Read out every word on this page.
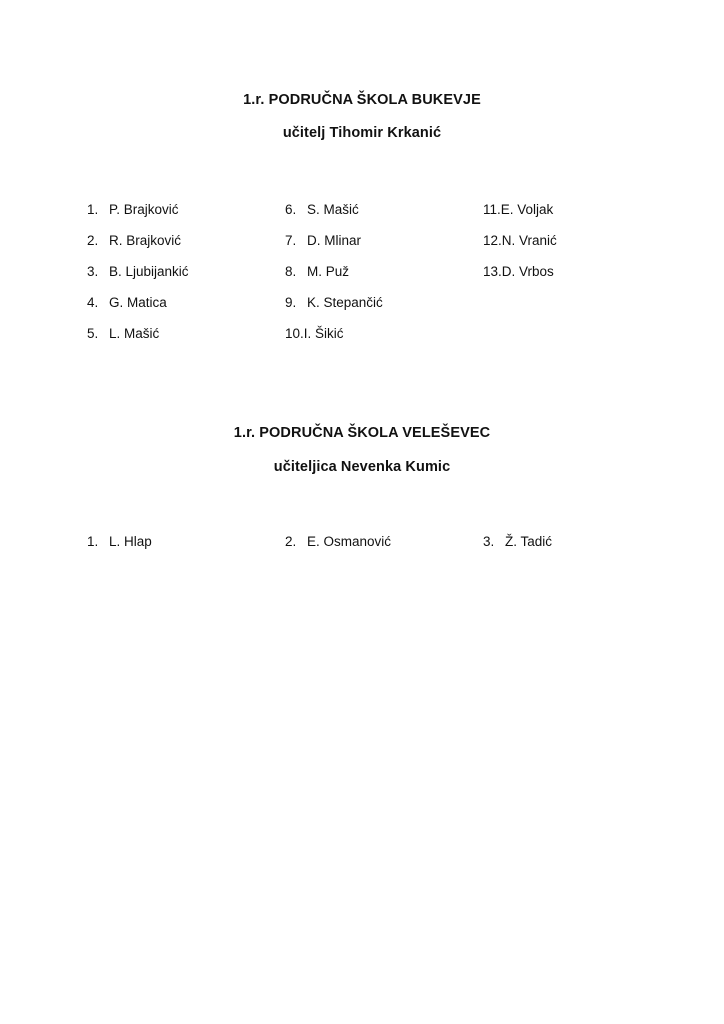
1.r. PODRUČNA ŠKOLA BUKEVJE
učitelj Tihomir Krkanić
1. P. Brajković
2. R. Brajković
3. B. Ljubijankić
4. G. Matica
5. L. Mašić
6. S. Mašić
7. D. Mlinar
8. M. Puž
9. K. Stepančić
10.I. Šikić
11.E. Voljak
12.N. Vranić
13.D. Vrbos
1.r. PODRUČNA ŠKOLA VELEŠEVEC
učiteljica Nevenka Kumic
1. L. Hlap	2. E. Osmanović	3. Ž. Tadić
